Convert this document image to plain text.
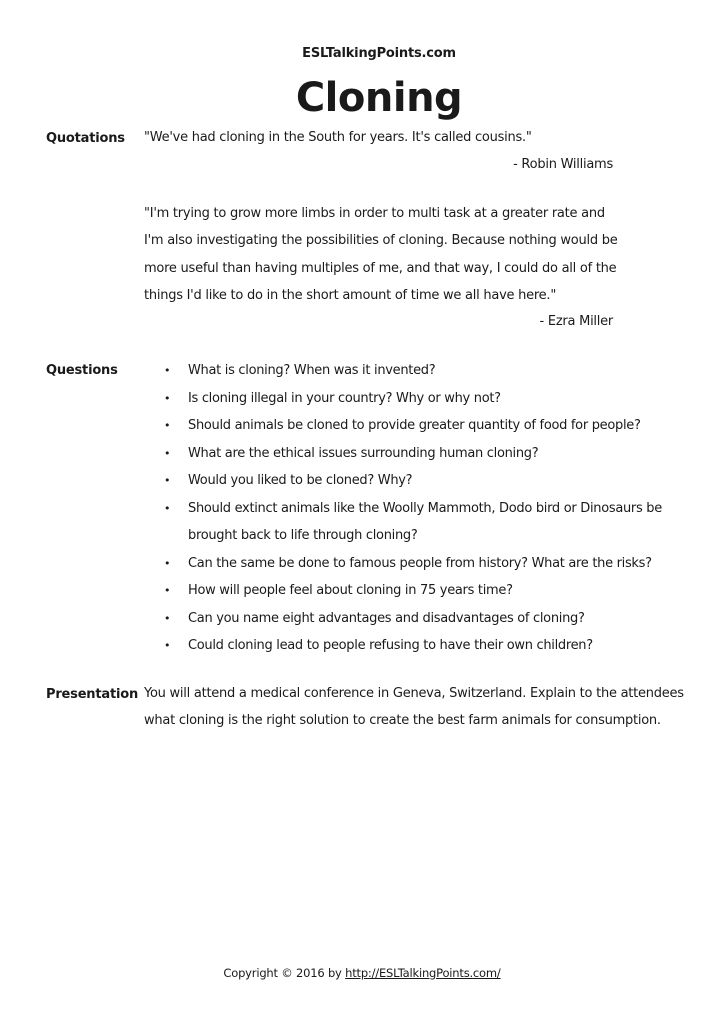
ESLTalkingPoints.com
Cloning
Quotations "We've had cloning in the South for years. It's called cousins."
- Robin Williams
"I'm trying to grow more limbs in order to multi task at a greater rate and
I'm also investigating the possibilities of cloning. Because nothing would be
more useful than having multiples of me, and that way, I could do all of the
things I'd like to do in the short amount of time we all have here."
- Ezra Miller
Questions	• What is cloning? When was it invented?
• Is cloning illegal in your country? Why or why not?
• Should animals be cloned to provide greater quantity of food for people?
• What are the ethical issues surrounding human cloning?
• Would you liked to be cloned? Why?
• Should extinct animals like the Woolly Mammoth, Dodo bird or Dinosaurs be brought back to life through cloning?
• Can the same be done to famous people from history? What are the risks?
• How will people feel about cloning in 75 years time?
• Can you name eight advantages and disadvantages of cloning?
• Could cloning lead to people refusing to have their own children?
Presentation You will attend a medical conference in Geneva, Switzerland. Explain to the attendees
what cloning is the right solution to create the best farm animals for consumption.
Copyright © 2016 by http://ESLTalkingPoints.com/
